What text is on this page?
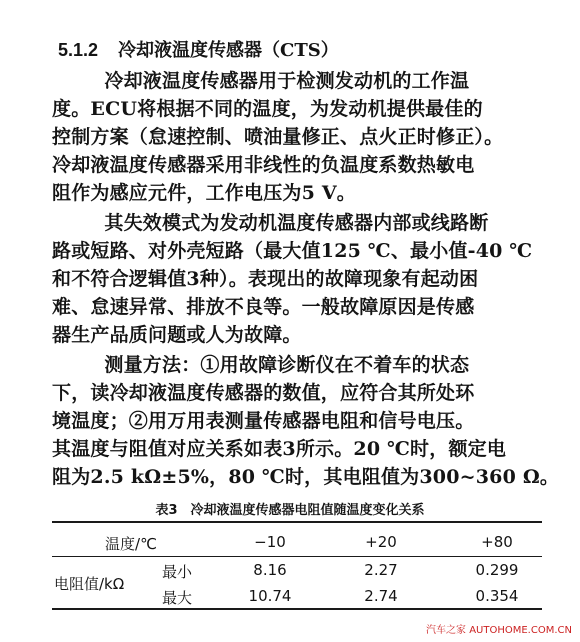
5.1.2 冷却液温度传感器（CTS）
　　冷却液温度传感器用于检测发动机的工作温
度。ECU将根据不同的温度，为发动机提供最佳的
控制方案（怠速控制、喷油量修正、点火正时修正）。
冷却液温度传感器采用非线性的负温度系数热敏电
阻作为感应元件，工作电压为5 V。
　　其失效模式为发动机温度传感器内部或线路断
路或短路、对外壳短路（最大值125 ℃、最小值-40 ℃
和不符合逻辑值3种）。表现出的故障现象有起动困
难、怠速异常、排放不良等。一般故障原因是传感
器生产品质问题或人为故障。
　　测量方法：①用故障诊断仪在不着车的状态
下，读冷却液温度传感器的数值，应符合其所处环
境温度；②用万用表测量传感器电阻和信号电压。
其温度与阻值对应关系如表3所示。20 ℃时，额定电
阻为2.5 kΩ±5%，80 ℃时，其电阻值为300~360 Ω。
表3　冷却液温度传感器电阻值随温度变化关系
温度/℃	−10	+20	+80
电阻值/kΩ
最小	8.16	2.27	0.299
最大	10.74	2.74	0.354
汽车之家 AUTOHOME.COM.CN
